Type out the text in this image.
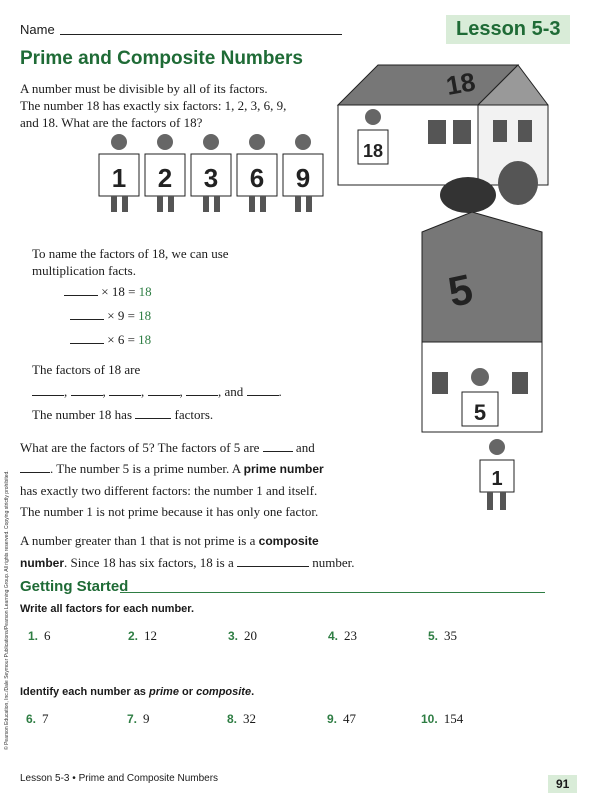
Name	Lesson 5-3
Prime and Composite Numbers
A number must be divisible by all of its factors.
The number 18 has exactly six factors: 1, 2, 3, 6, 9,
and 18. What are the factors of 18?
1 2 3 6 9
18
18
5
5
1
To name the factors of 18, we can use
multiplication facts.
× 18 = 18
× 9 = 18
× 6 = 18
The factors of 18 are
, , , , , and	.
The number 18 has	factors.
What are the factors of 5? The factors of 5 are	and
. The number 5 is a prime number. A prime number
has exactly two different factors: the number 1 and itself.
The number 1 is not prime because it has only one factor.
A number greater than 1 that is not prime is a composite
number. Since 18 has six factors, 18 is a	number.
Getting Started
Write all factors for each number.
1. 6	2. 12	3. 20	4. 23	5. 35
Identify each number as prime or composite.
6. 7	7. 9	8. 32	9. 47	10. 154
© Pearson Education, Inc./Dale Seymour Publications/Pearson Learning Group. All rights reserved. Copying strictly prohibited.
Lesson 5-3 • Prime and Composite Numbers	91
